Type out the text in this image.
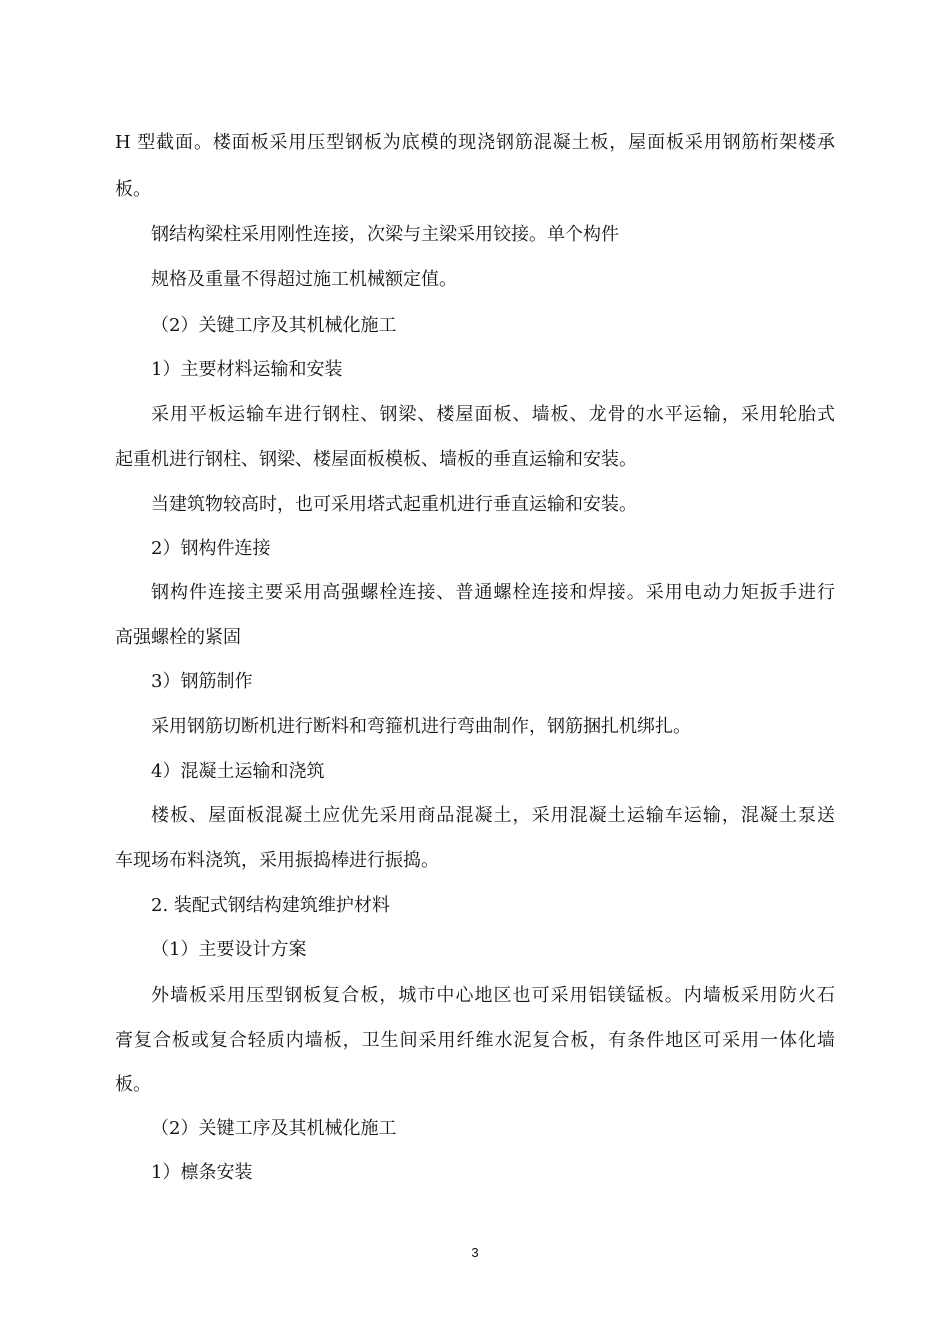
H 型截面。楼面板采用压型钢板为底模的现浇钢筋混凝土板，屋面板采用钢筋桁架楼承
板。
钢结构梁柱采用刚性连接，次梁与主梁采用铰接。单个构件
规格及重量不得超过施工机械额定值。
（2）关键工序及其机械化施工
1）主要材料运输和安装
采用平板运输车进行钢柱、钢梁、楼屋面板、墙板、龙骨的水平运输，采用轮胎式
起重机进行钢柱、钢梁、楼屋面板模板、墙板的垂直运输和安装。
当建筑物较高时，也可采用塔式起重机进行垂直运输和安装。
2）钢构件连接
钢构件连接主要采用高强螺栓连接、普通螺栓连接和焊接。采用电动力矩扳手进行
高强螺栓的紧固
3）钢筋制作
采用钢筋切断机进行断料和弯箍机进行弯曲制作，钢筋捆扎机绑扎。
4）混凝土运输和浇筑
楼板、屋面板混凝土应优先采用商品混凝土，采用混凝土运输车运输，混凝土泵送
车现场布料浇筑，采用振捣棒进行振捣。
2. 装配式钢结构建筑维护材料
（1）主要设计方案
外墙板采用压型钢板复合板，城市中心地区也可采用铝镁锰板。内墙板采用防火石
膏复合板或复合轻质内墙板，卫生间采用纤维水泥复合板，有条件地区可采用一体化墙
板。
（2）关键工序及其机械化施工
1）檩条安装
3
